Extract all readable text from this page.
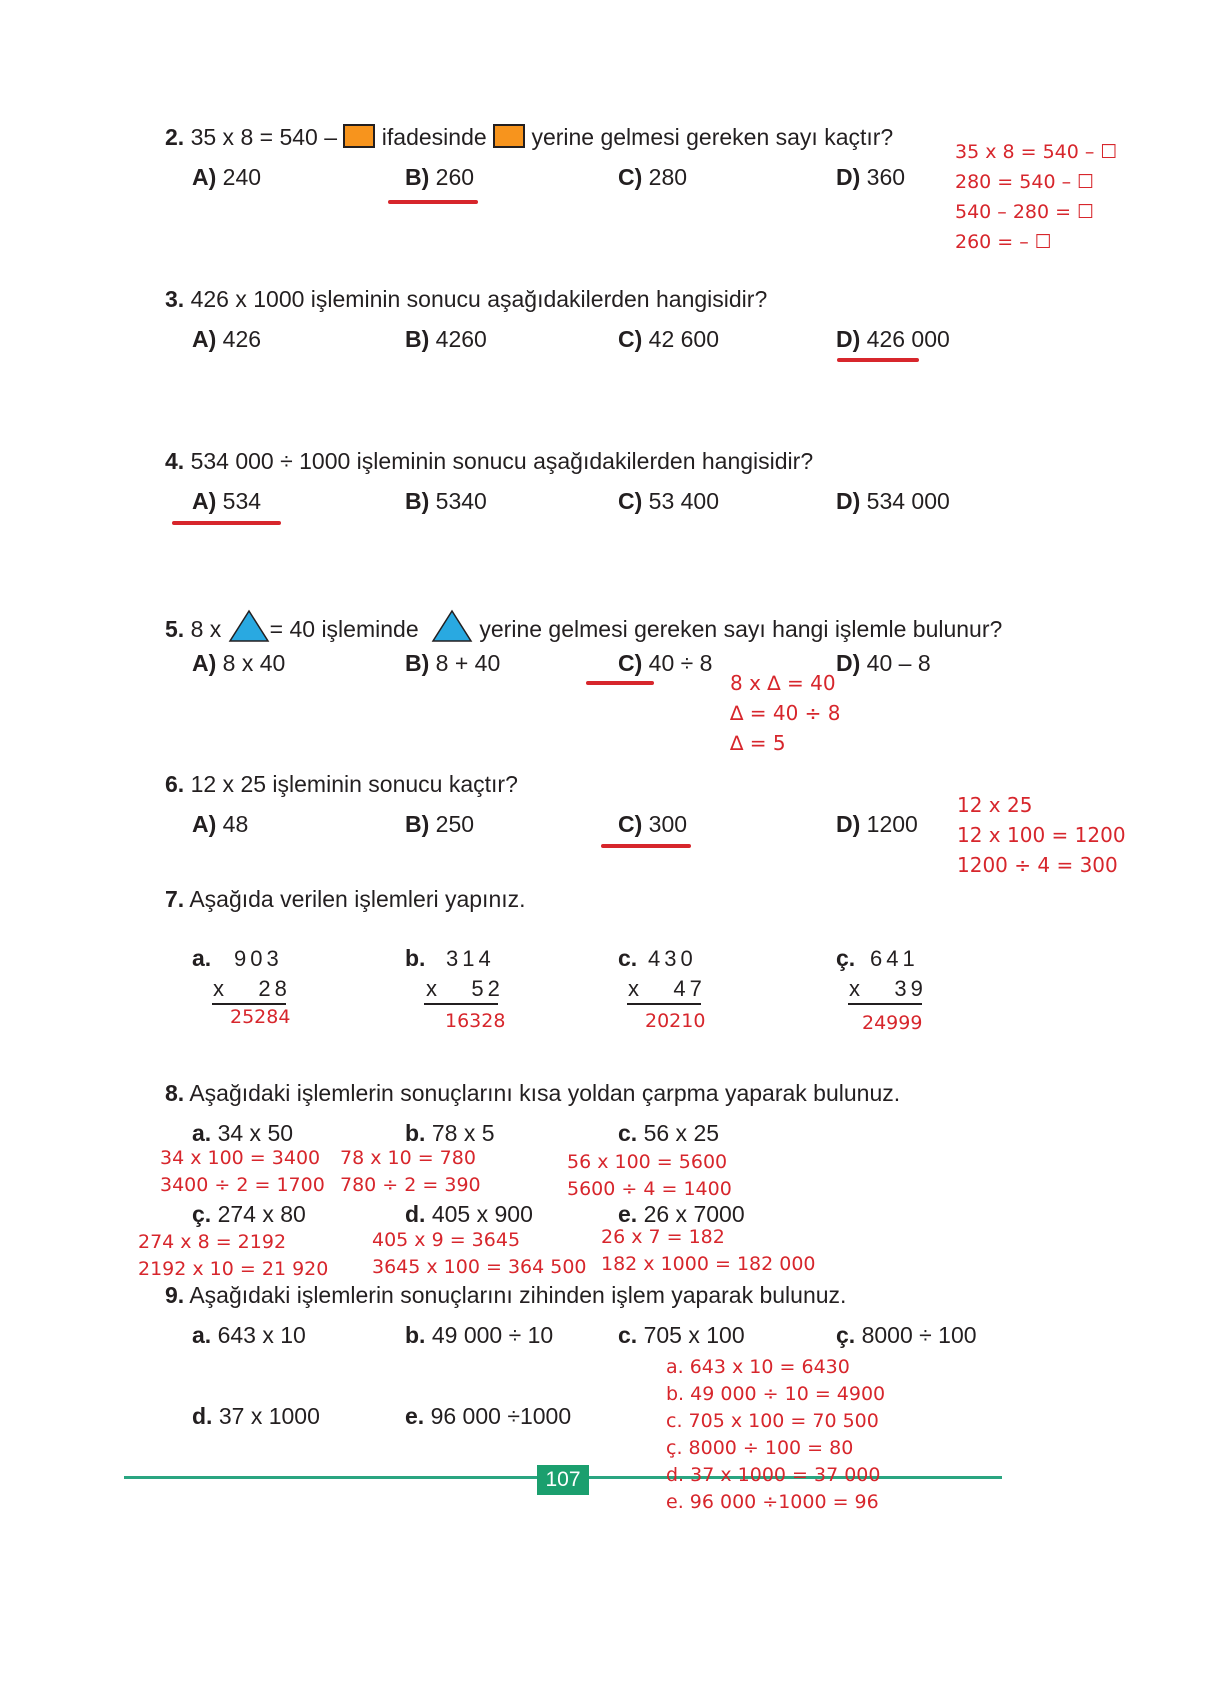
2. 35 x 8 = 540 – ifadesinde yerine gelmesi gereken sayı kaçtır?
A) 240	B) 260	C) 280	D) 360
35 x 8 = 540 – ☐
280 = 540 – ☐
540 – 280 = ☐
260 = – ☐
3. 426 x 1000 işleminin sonucu aşağıdakilerden hangisidir?
A) 426	B) 4260	C) 42 600	D) 426 000
4. 534 000 ÷ 1000 işleminin sonucu aşağıdakilerden hangisidir?
A) 534	B) 5340	C) 53 400	D) 534 000
5. 8 x = 40 işleminde	yerine gelmesi gereken sayı hangi işlemle bulunur?
A) 8 x 40	B) 8 + 40	C) 40 ÷ 8	D) 40 – 8
8 x ∆ = 40
∆ = 40 ÷ 8
∆ = 5
6. 12 x 25 işleminin sonucu kaçtır?
A) 48	B) 250	C) 300	D) 1200
12 x 25
12 x 100 = 1200
1200 ÷ 4 = 300
7. Aşağıda verilen işlemleri yapınız.
a. 903
x   28
25284
b. 314
x   52
16328
c. 430
x   47
20210
ç. 641
x   39
24999
8. Aşağıdaki işlemlerin sonuçlarını kısa yoldan çarpma yaparak bulunuz.
a. 34 x 50	b. 78 x 5	c. 56 x 25
34 x 100 = 3400
3400 ÷ 2 = 1700
78 x 10 = 780
780 ÷ 2 = 390
56 x 100 = 5600
5600 ÷ 4 = 1400
ç. 274 x 80	d. 405 x 900	e. 26 x 7000
274 x 8 = 2192
2192 x 10 = 21 920
405 x 9 = 3645
3645 x 100 = 364 500
26 x 7 = 182
182 x 1000 = 182 000
9. Aşağıdaki işlemlerin sonuçlarını zihinden işlem yaparak bulunuz.
a. 643 x 10	b. 49 000 ÷ 10	c. 705 x 100	ç. 8000 ÷ 100
d. 37 x 1000	e. 96 000 ÷1000
107
a. 643 x 10 = 6430
b. 49 000 ÷ 10 = 4900
c. 705 x 100 = 70 500
ç. 8000 ÷ 100 = 80
d. 37 x 1000 = 37 000
e. 96 000 ÷1000 = 96
